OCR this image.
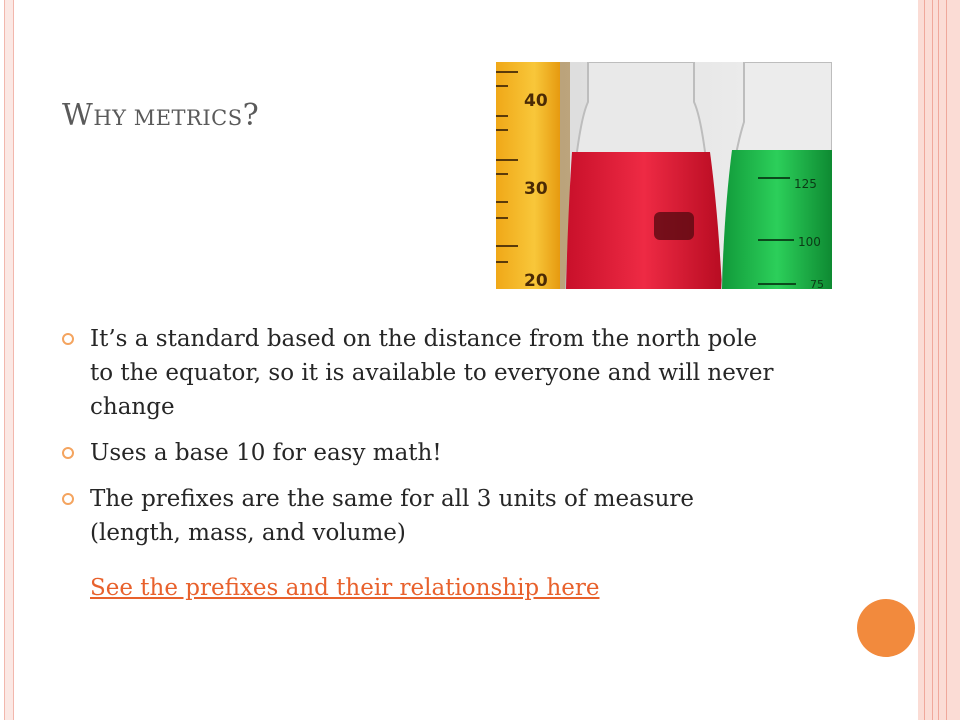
WHY METRICS?	40
30
20
125
100
75
It’s a standard based on the distance from the north pole to the equator, so it is available to everyone and will never change
Uses a base 10 for easy math!
The prefixes are the same for all 3 units of measure (length, mass, and volume)
See the prefixes and their relationship here
